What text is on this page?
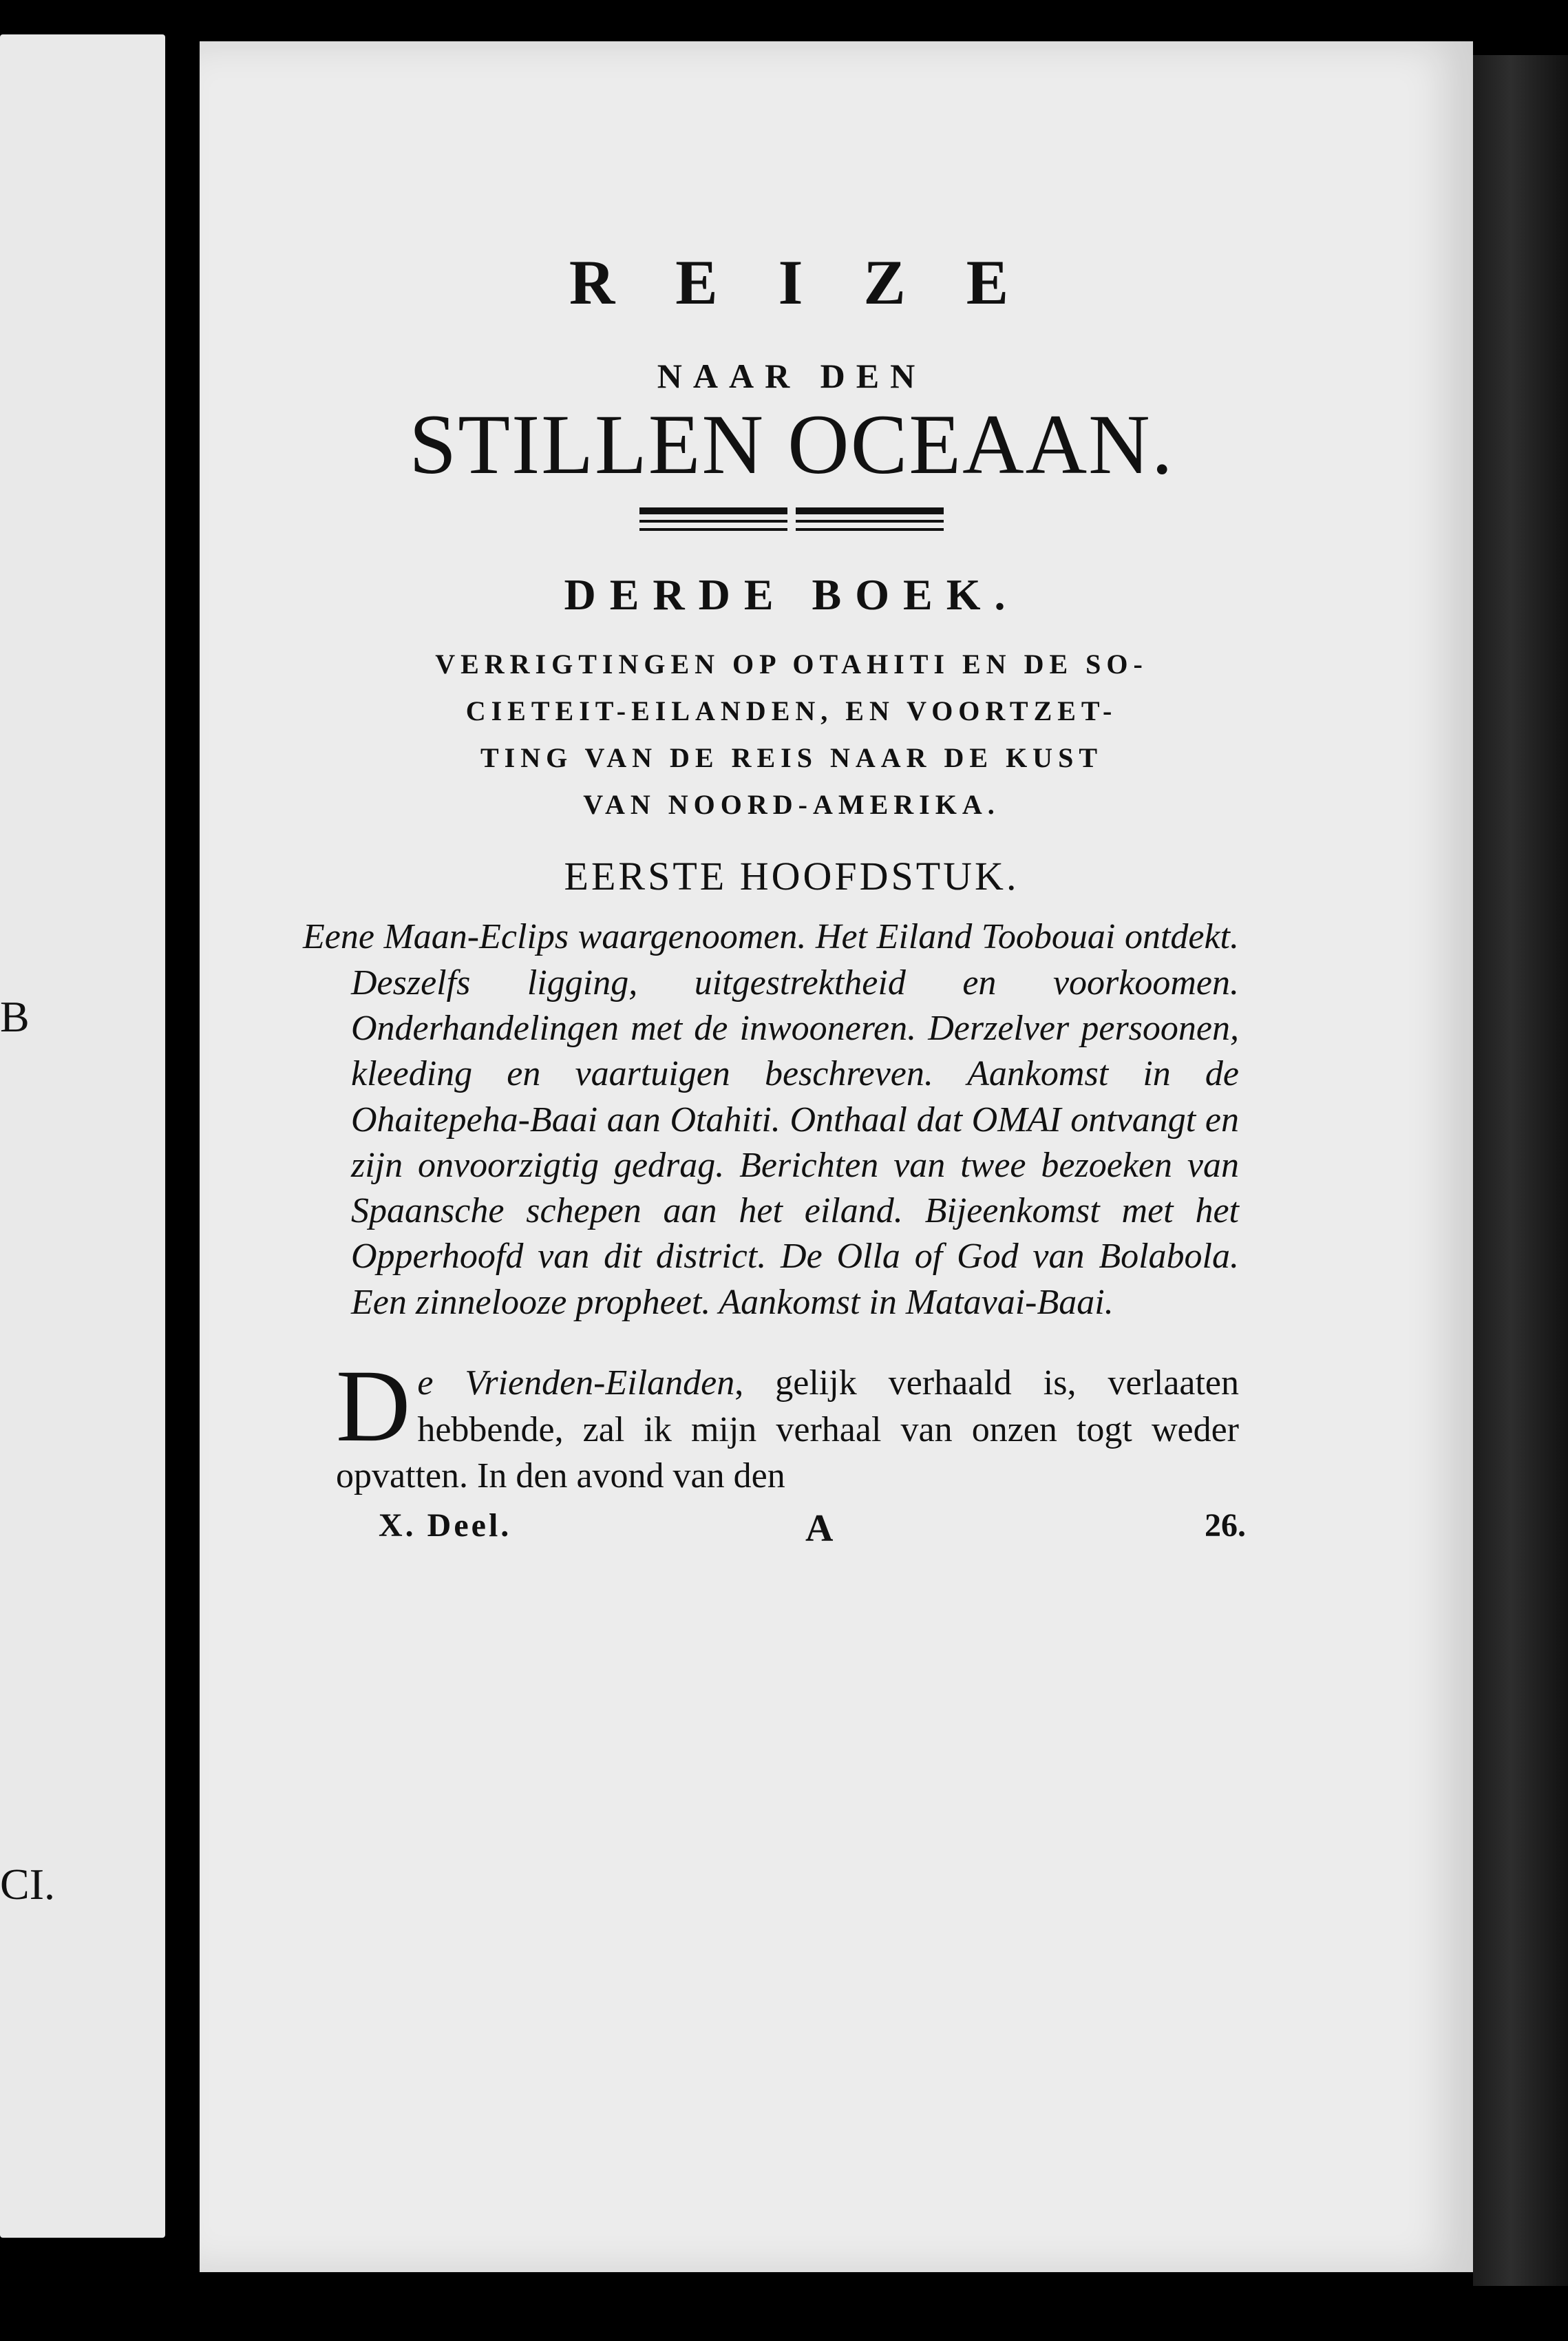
B
CI.
REIZE
NAAR DEN
STILLEN OCEAAN.
DERDE BOEK.
VERRIGTINGEN OP OTAHITI EN DE SO-
CIETEIT-EILANDEN, EN VOORTZET-
TING VAN DE REIS NAAR DE KUST
VAN NOORD-AMERIKA.
EERSTE HOOFDSTUK.
Eene Maan-Eclips waargenoomen. Het Eiland Toobouai ontdekt. Deszelfs ligging, uitgestrektheid en voorkoomen. Onderhandelingen met de inwooneren. Derzelver persoonen, kleeding en vaartuigen beschreven. Aankomst in de Ohaitepeha-Baai aan Otahiti. Onthaal dat OMAI ontvangt en zijn onvoorzigtig gedrag. Berichten van twee bezoeken van Spaansche schepen aan het eiland. Bijeenkomst met het Opperhoofd van dit district. De Olla of God van Bolabola. Een zinnelooze propheet. Aankomst in Matavai-Baai.
De Vrienden-Eilanden, gelijk verhaald is, verlaaten hebbende, zal ik mijn verhaal van onzen togt weder opvatten. In den avond van den
X. Deel.	A	26.
